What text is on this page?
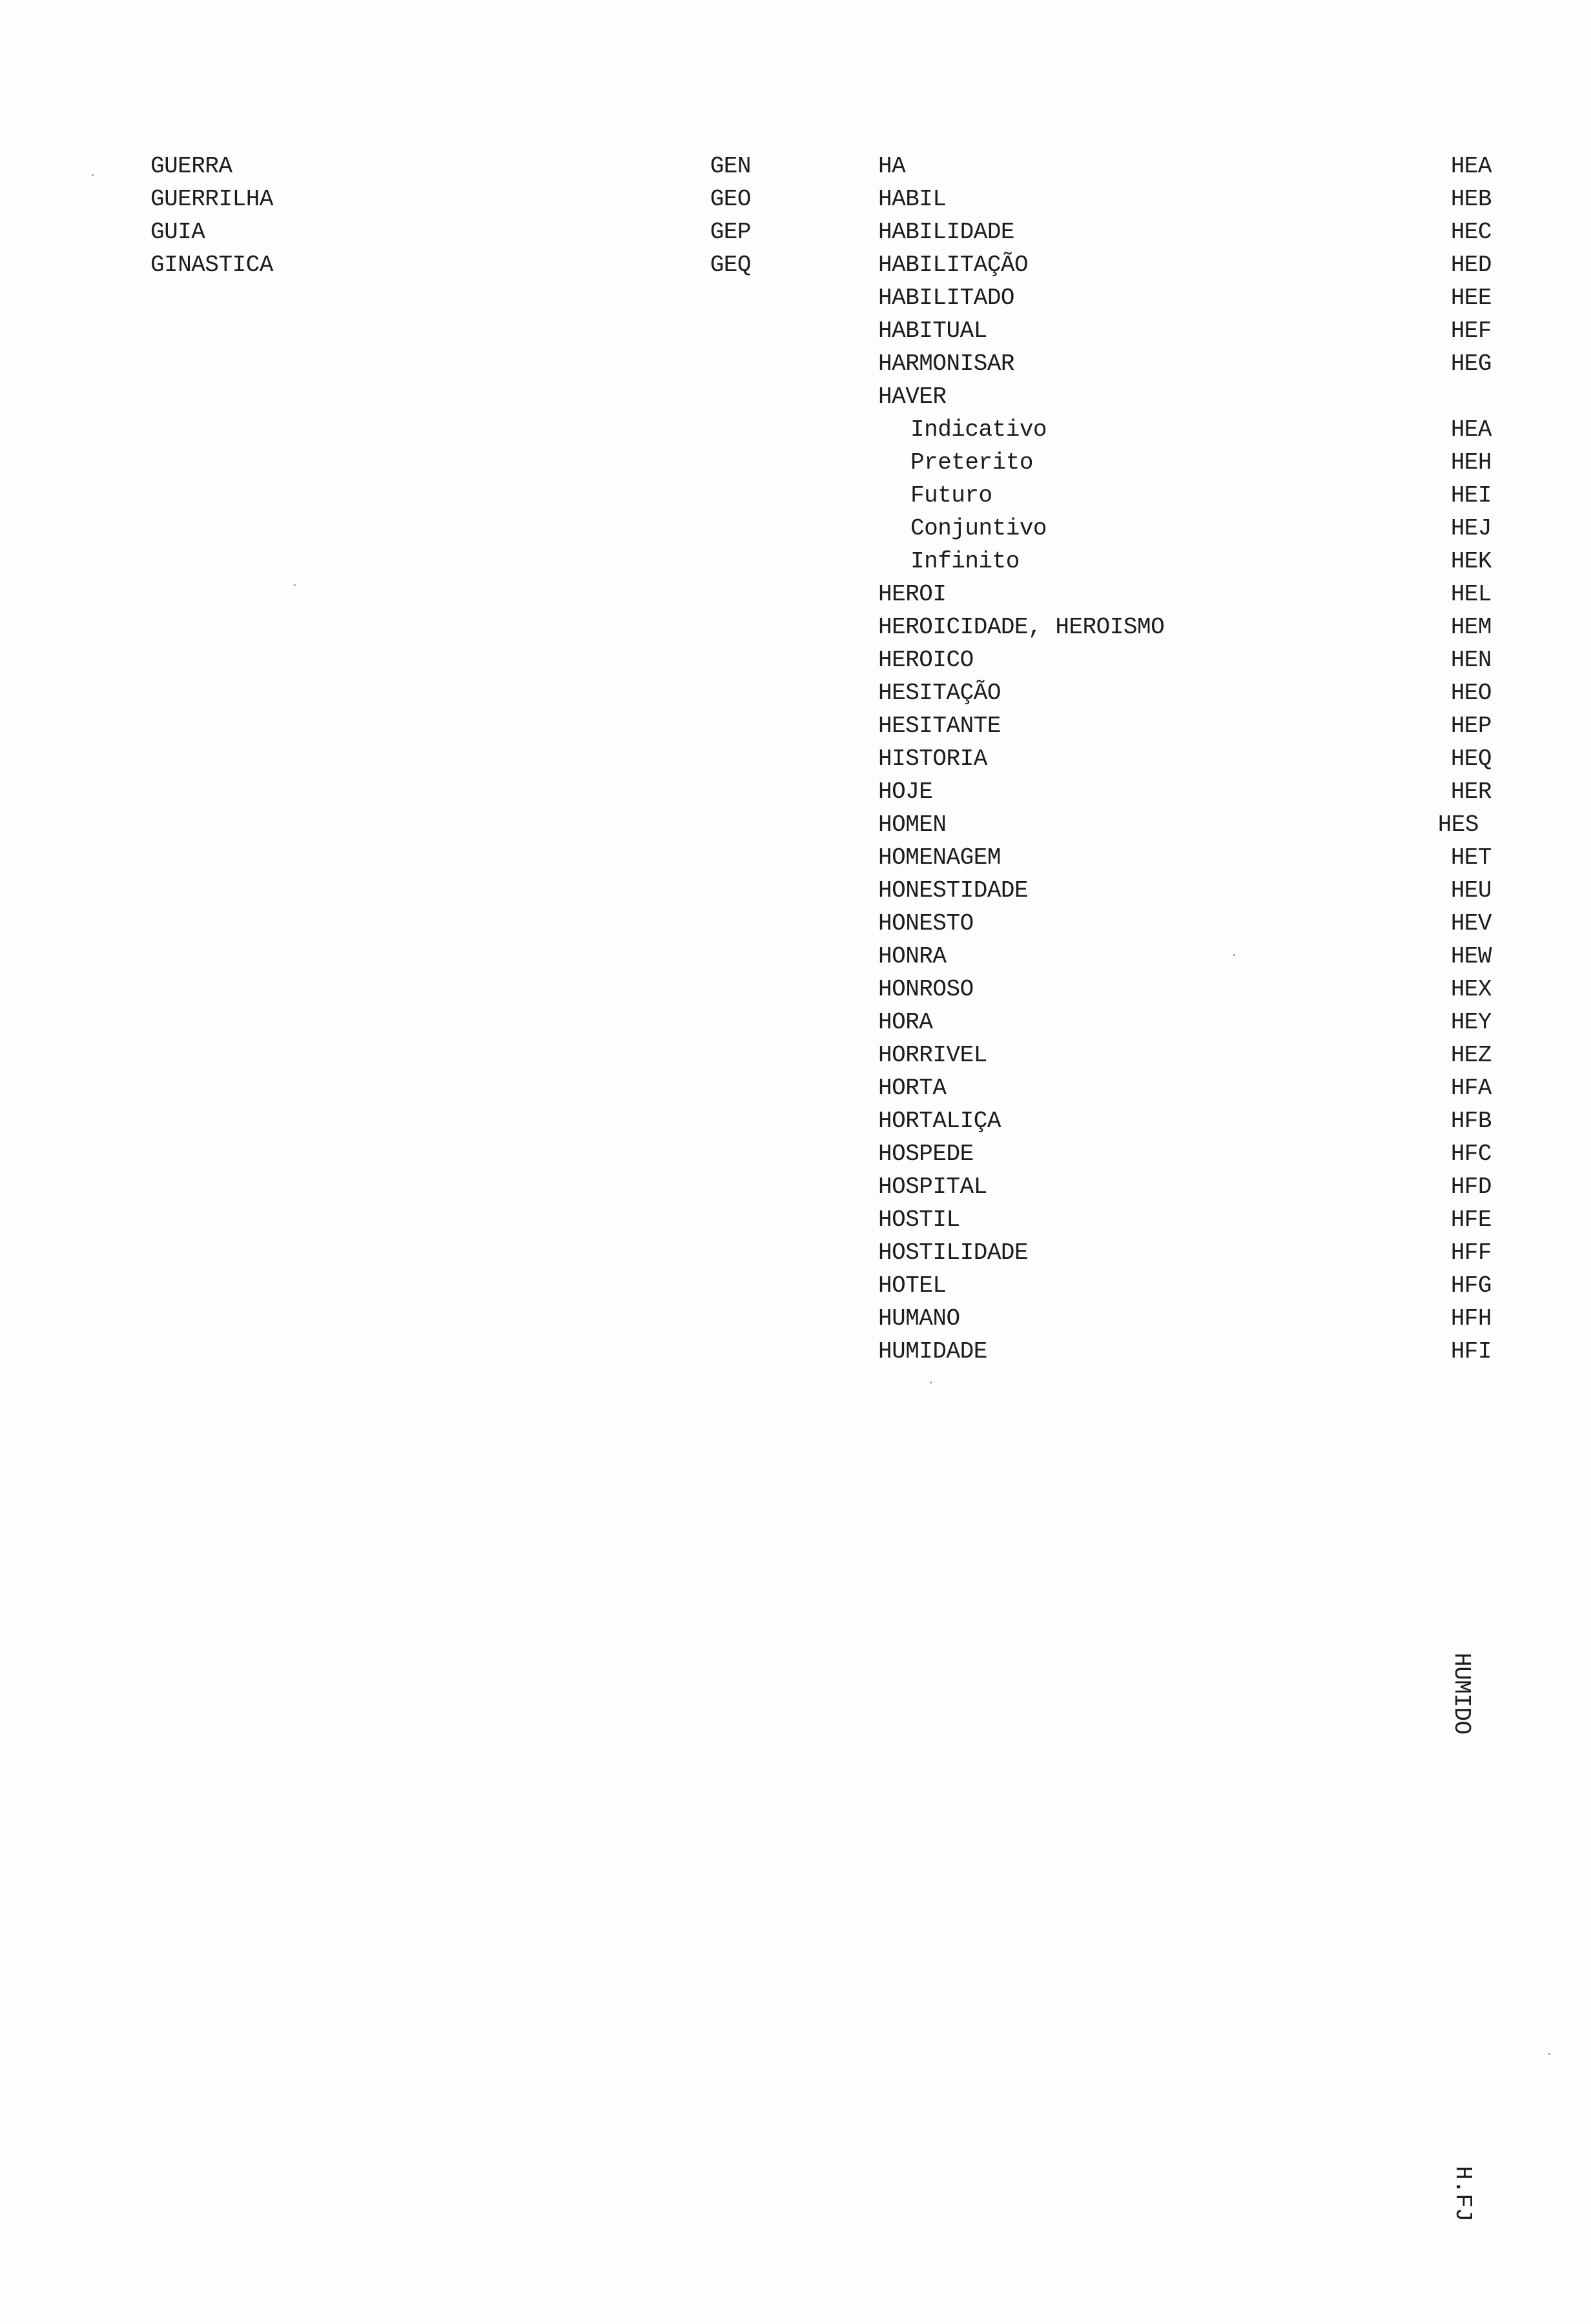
GUERRA	GEN
GUERRILHA	GEO
GUIA	GEP
GINASTICA	GEQ
HA	HEA
HABIL	HEB
HABILIDADE	HEC
HABILITAÇÃO	HED
HABILITADO	HEE
HABITUAL	HEF
HARMONISAR	HEG
HAVER
Indicativo	HEA
Preterito	HEH
Futuro	HEI
Conjuntivo	HEJ
Infinito	HEK
HEROI	HEL
HEROICIDADE, HEROISMO	HEM
HEROICO	HEN
HESITAÇÃO	HEO
HESITANTE	HEP
HISTORIA	HEQ
HOJE	HER
HOMEN	HES
HOMENAGEM	HET
HONESTIDADE	HEU
HONESTO	HEV
HONRA	HEW
HONROSO	HEX
HORA	HEY
HORRIVEL	HEZ
HORTA	HFA
HORTALIÇA	HFB
HOSPEDE	HFC
HOSPITAL	HFD
HOSTIL	HFE
HOSTILIDADE	HFF
HOTEL	HFG
HUMANO	HFH
HUMIDADE	HFI
HUMIDO
H.FJ
